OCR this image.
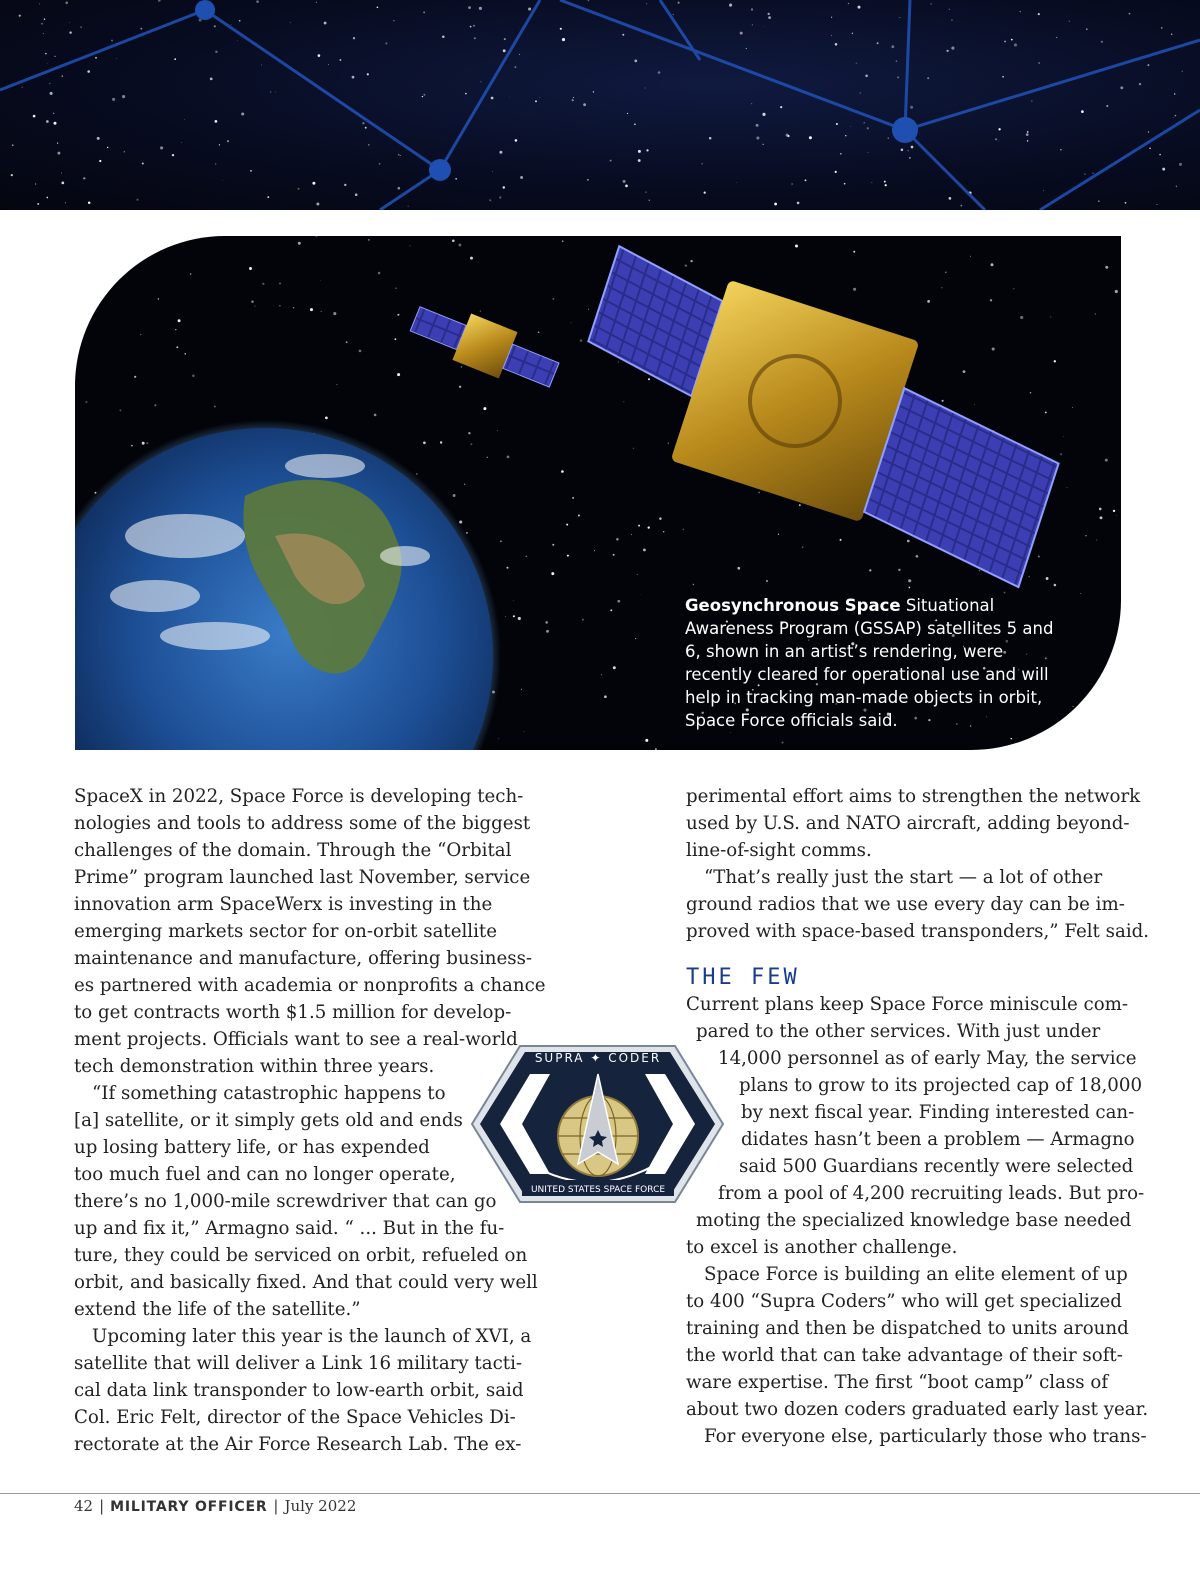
Geosynchronous Space Situational Awareness Program (GSSAP) satellites 5 and 6, shown in an artist’s rendering, were recently cleared for operational use and will help in tracking man-made objects in orbit, Space Force officials said.

SpaceX in 2022, Space Force is developing tech-

nologies and tools to address some of the biggest

challenges of the domain. Through the “Orbital

Prime” program launched last November, service

innovation arm SpaceWerx is investing in the

emerging markets sector for on-orbit satellite

maintenance and manufacture, offering business-

es partnered with academia or nonprofits a chance

to get contracts worth $1.5 million for develop-

ment projects. Officials want to see a real-world

tech demonstration within three years.

“If something catastrophic happens to

[a] satellite, or it simply gets old and ends

up losing battery life, or has expended

too much fuel and can no longer operate,

there’s no 1,000-mile screwdriver that can go

up and fix it,” Armagno said. “ ... But in the fu-

ture, they could be serviced on orbit, refueled on

orbit, and basically fixed. And that could very well

extend the life of the satellite.”

Upcoming later this year is the launch of XVI, a

satellite that will deliver a Link 16 military tacti-

cal data link transponder to low-earth orbit, said

Col. Eric Felt, director of the Space Vehicles Di-

rectorate at the Air Force Research Lab. The ex-

perimental effort aims to strengthen the network

used by U.S. and NATO aircraft, adding beyond-

line-of-sight comms.

“That’s really just the start — a lot of other

ground radios that we use every day can be im-

proved with space-based transponders,” Felt said.

THE FEW

Current plans keep Space Force miniscule com-

pared to the other services. With just under

14,000 personnel as of early May, the service

plans to grow to its projected cap of 18,000

by next fiscal year. Finding interested can-

didates hasn’t been a problem — Armagno

said 500 Guardians recently were selected

from a pool of 4,200 recruiting leads. But pro-

moting the specialized knowledge base needed

to excel is another challenge.

Space Force is building an elite element of up

to 400 “Supra Coders” who will get specialized

training and then be dispatched to units around

the world that can take advantage of their soft-

ware expertise. The first “boot camp” class of

about two dozen coders graduated early last year.

For everyone else, particularly those who trans-

SUPRA ✦ CODER
UNITED STATES SPACE FORCE
42 | MILITARY OFFICER | July 2022
